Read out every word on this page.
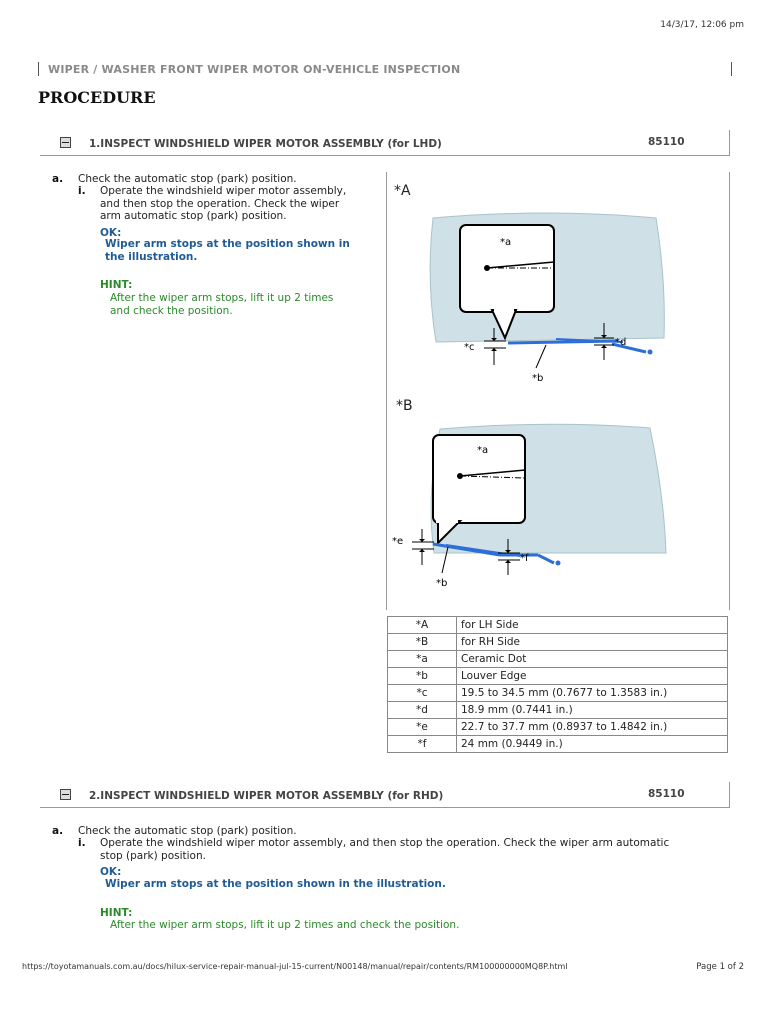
14/3/17, 12:06 pm
WIPER / WASHER FRONT WIPER MOTOR ON-VEHICLE INSPECTION
PROCEDURE
1.INSPECT WINDSHIELD WIPER MOTOR ASSEMBLY (for LHD)	85110
a. Check the automatic stop (park) position.
i. Operate the windshield wiper motor assembly,
and then stop the operation. Check the wiper
arm automatic stop (park) position.
OK:
Wiper arm stops at the position shown in
the illustration.
HINT:
After the wiper arm stops, lift it up 2 times
and check the position.
*A
*a
*c	*d
*b
*B
*a
*e
*f
*b
*A	for LH Side
*B	for RH Side
*a	Ceramic Dot
*b	Louver Edge
*c	19.5 to 34.5 mm (0.7677 to 1.3583 in.)
*d	18.9 mm (0.7441 in.)
*e	22.7 to 37.7 mm (0.8937 to 1.4842 in.)
*f	24 mm (0.9449 in.)
2.INSPECT WINDSHIELD WIPER MOTOR ASSEMBLY (for RHD)	85110
a. Check the automatic stop (park) position.
i. Operate the windshield wiper motor assembly, and then stop the operation. Check the wiper arm automatic
stop (park) position.
OK:
Wiper arm stops at the position shown in the illustration.
HINT:
After the wiper arm stops, lift it up 2 times and check the position.
https://toyotamanuals.com.au/docs/hilux-service-repair-manual-jul-15-current/N00148/manual/repair/contents/RM100000000MQ8P.html	Page 1 of 2
